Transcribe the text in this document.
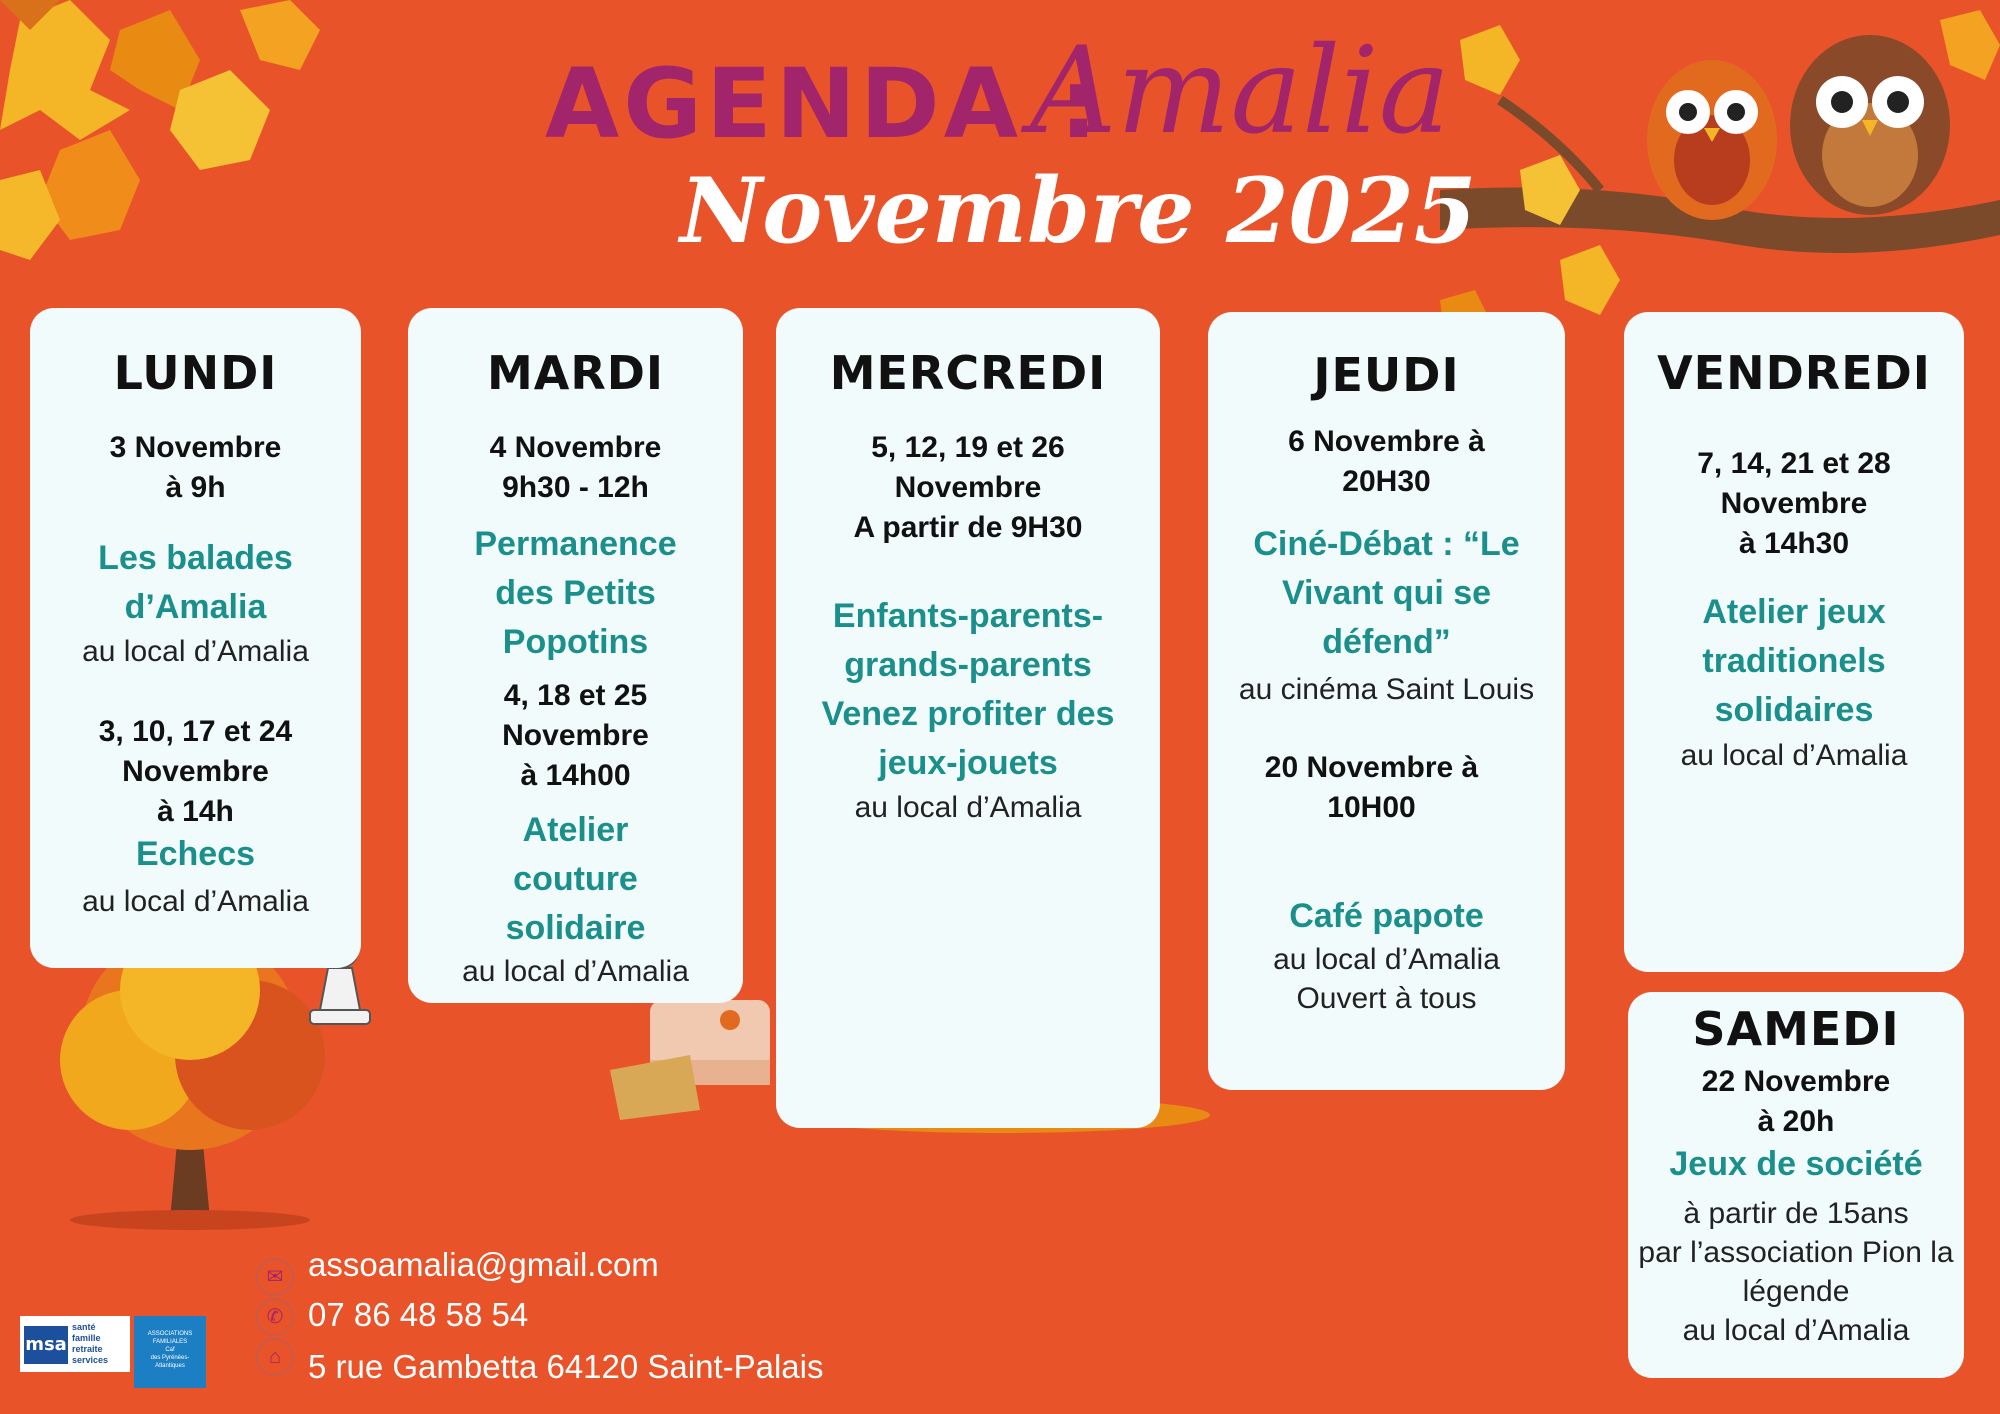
AGENDA :
Amalia
Novembre 2025
LUNDI
3 Novembre
à 9h
Les balades
d’Amalia
au local d’Amalia
3, 10, 17 et 24
Novembre
à 14h
Echecs
au local d’Amalia
MARDI
4 Novembre
9h30 - 12h
Permanence
des Petits
Popotins
4, 18 et 25
Novembre
à 14h00
Atelier
couture
solidaire
au local d’Amalia
MERCREDI
5, 12, 19 et 26
Novembre
A partir de 9H30
Enfants-parents-
grands-parents
Venez profiter des
jeux-jouets
au local d’Amalia
JEUDI
6 Novembre à
20H30
Ciné-Débat : “Le
Vivant qui se
défend”
au cinéma Saint Louis
20 Novembre à
10H00
Café papote
au local d’Amalia
Ouvert à tous
VENDREDI
7, 14, 21 et 28
Novembre
à 14h30
Atelier jeux
traditionels
solidaires
au local d’Amalia
SAMEDI
22 Novembre
à 20h
Jeux de société
à partir de 15ans
par l’association Pion la
légende
au local d’Amalia
✉ assoamalia@gmail.com
✆ 07 86 48 58 54
⌂ 5 rue Gambetta 64120 Saint-Palais
msa
santé
famille
retraite
services
ASSOCIATIONS
FAMILIALES
Caf
des Pyrénées-
Atlantiques
